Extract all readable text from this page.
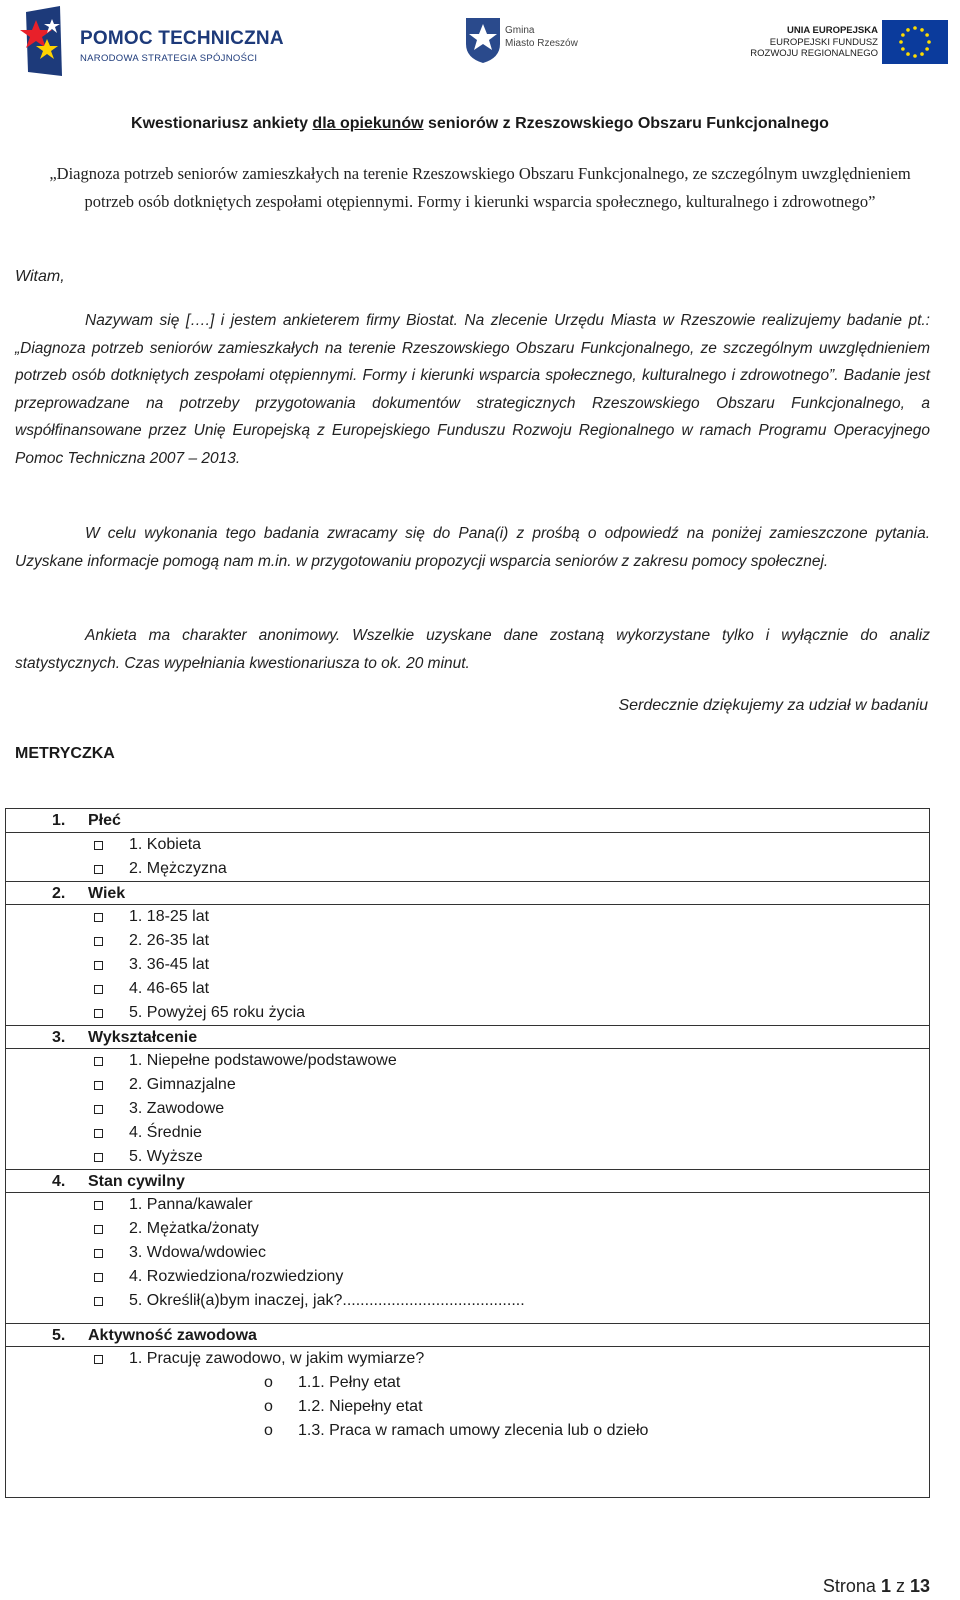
POMOC TECHNICZNA
NARODOWA STRATEGIA SPÓJNOŚCI
Gmina
Miasto Rzeszów
UNIA EUROPEJSKA
EUROPEJSKI FUNDUSZ
ROZWOJU REGIONALNEGO
Kwestionariusz ankiety dla opiekunów seniorów z Rzeszowskiego Obszaru Funkcjonalnego
„Diagnoza potrzeb seniorów zamieszkałych na terenie Rzeszowskiego Obszaru Funkcjonalnego, ze szczególnym uwzględnieniem potrzeb osób dotkniętych zespołami otępiennymi. Formy i kierunki wsparcia społecznego, kulturalnego i zdrowotnego”
Witam,
Nazywam się [….] i jestem ankieterem firmy Biostat. Na zlecenie Urzędu Miasta w Rzeszowie realizujemy badanie pt.: „Diagnoza potrzeb seniorów zamieszkałych na terenie Rzeszowskiego Obszaru Funkcjonalnego, ze szczególnym uwzględnieniem potrzeb osób dotkniętych zespołami otępiennymi. Formy i kierunki wsparcia społecznego, kulturalnego i zdrowotnego”. Badanie jest przeprowadzane na potrzeby przygotowania dokumentów strategicznych Rzeszowskiego Obszaru Funkcjonalnego, a współfinansowane przez Unię Europejską z Europejskiego Funduszu Rozwoju Regionalnego w ramach Programu Operacyjnego Pomoc Techniczna 2007 – 2013.
W celu wykonania tego badania zwracamy się do Pana(i) z prośbą o odpowiedź na poniżej zamieszczone pytania. Uzyskane informacje pomogą nam m.in. w przygotowaniu propozycji wsparcia seniorów z zakresu pomocy społecznej.
Ankieta ma charakter anonimowy. Wszelkie uzyskane dane zostaną wykorzystane tylko i wyłącznie do analiz statystycznych. Czas wypełniania kwestionariusza to ok. 20 minut.
Serdecznie dziękujemy za udział w badaniu
METRYCZKA
1. Płeć
1. Kobieta
2. Mężczyzna
2. Wiek
1. 18-25 lat
2. 26-35 lat
3. 36-45 lat
4. 46-65 lat
5. Powyżej 65 roku życia
3. Wykształcenie
1. Niepełne podstawowe/podstawowe
2. Gimnazjalne
3. Zawodowe
4. Średnie
5. Wyższe
4. Stan cywilny
1. Panna/kawaler
2. Mężatka/żonaty
3. Wdowa/wdowiec
4. Rozwiedziona/rozwiedziony
5. Określił(a)bym inaczej, jak?.........................................
5. Aktywność zawodowa
1. Pracuję zawodowo, w jakim wymiarze?
o 1.1. Pełny etat
o 1.2. Niepełny etat
o 1.3. Praca w ramach umowy zlecenia lub o dzieło
Strona 1 z 13
